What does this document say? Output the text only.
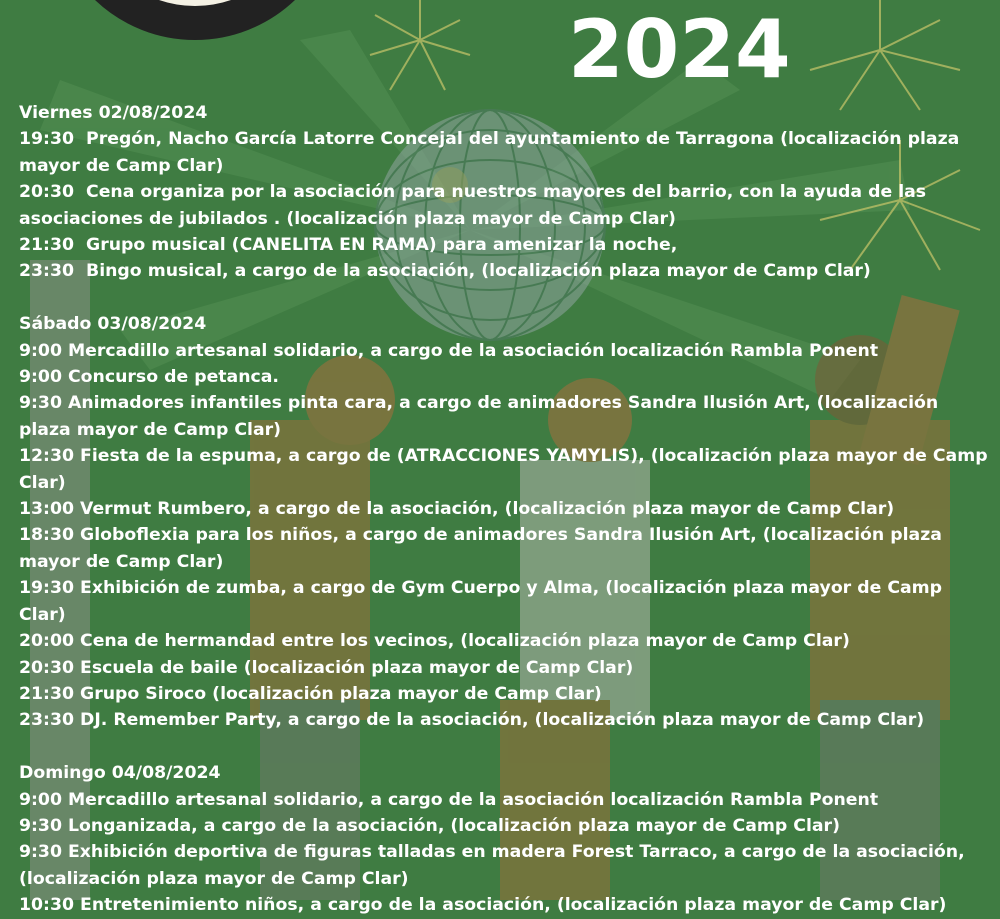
2024
Viernes 02/08/2024
19:30 Pregón, Nacho García Latorre Concejal del ayuntamiento de Tarragona (localización plaza mayor de Camp Clar)
20:30 Cena organiza por la asociación para nuestros mayores del barrio, con la ayuda de las asociaciones de jubilados . (localización plaza mayor de Camp Clar)
21:30 Grupo musical (CANELITA EN RAMA) para amenizar la noche,
23:30 Bingo musical, a cargo de la asociación, (localización plaza mayor de Camp Clar)
Sábado 03/08/2024
9:00 Mercadillo artesanal solidario, a cargo de la asociación localización Rambla Ponent
9:00 Concurso de petanca.
9:30 Animadores infantiles pinta cara, a cargo de animadores Sandra Ilusión Art, (localización plaza mayor de Camp Clar)
12:30 Fiesta de la espuma, a cargo de (ATRACCIONES YAMYLIS), (localización plaza mayor de Camp Clar)
13:00 Vermut Rumbero, a cargo de la asociación, (localización plaza mayor de Camp Clar)
18:30 Globoflexia para los niños, a cargo de animadores Sandra Ilusión Art, (localización plaza mayor de Camp Clar)
19:30 Exhibición de zumba, a cargo de Gym Cuerpo y Alma, (localización plaza mayor de Camp Clar)
20:00 Cena de hermandad entre los vecinos, (localización plaza mayor de Camp Clar)
20:30 Escuela de baile (localización plaza mayor de Camp Clar)
21:30 Grupo Siroco (localización plaza mayor de Camp Clar)
23:30 DJ. Remember Party, a cargo de la asociación, (localización plaza mayor de Camp Clar)
Domingo 04/08/2024
9:00 Mercadillo artesanal solidario, a cargo de la asociación localización Rambla Ponent
9:30 Longanizada, a cargo de la asociación, (localización plaza mayor de Camp Clar)
9:30 Exhibición deportiva de figuras talladas en madera Forest Tarraco, a cargo de la asociación, (localización plaza mayor de Camp Clar)
10:30 Entretenimiento niños, a cargo de la asociación, (localización plaza mayor de Camp Clar)
